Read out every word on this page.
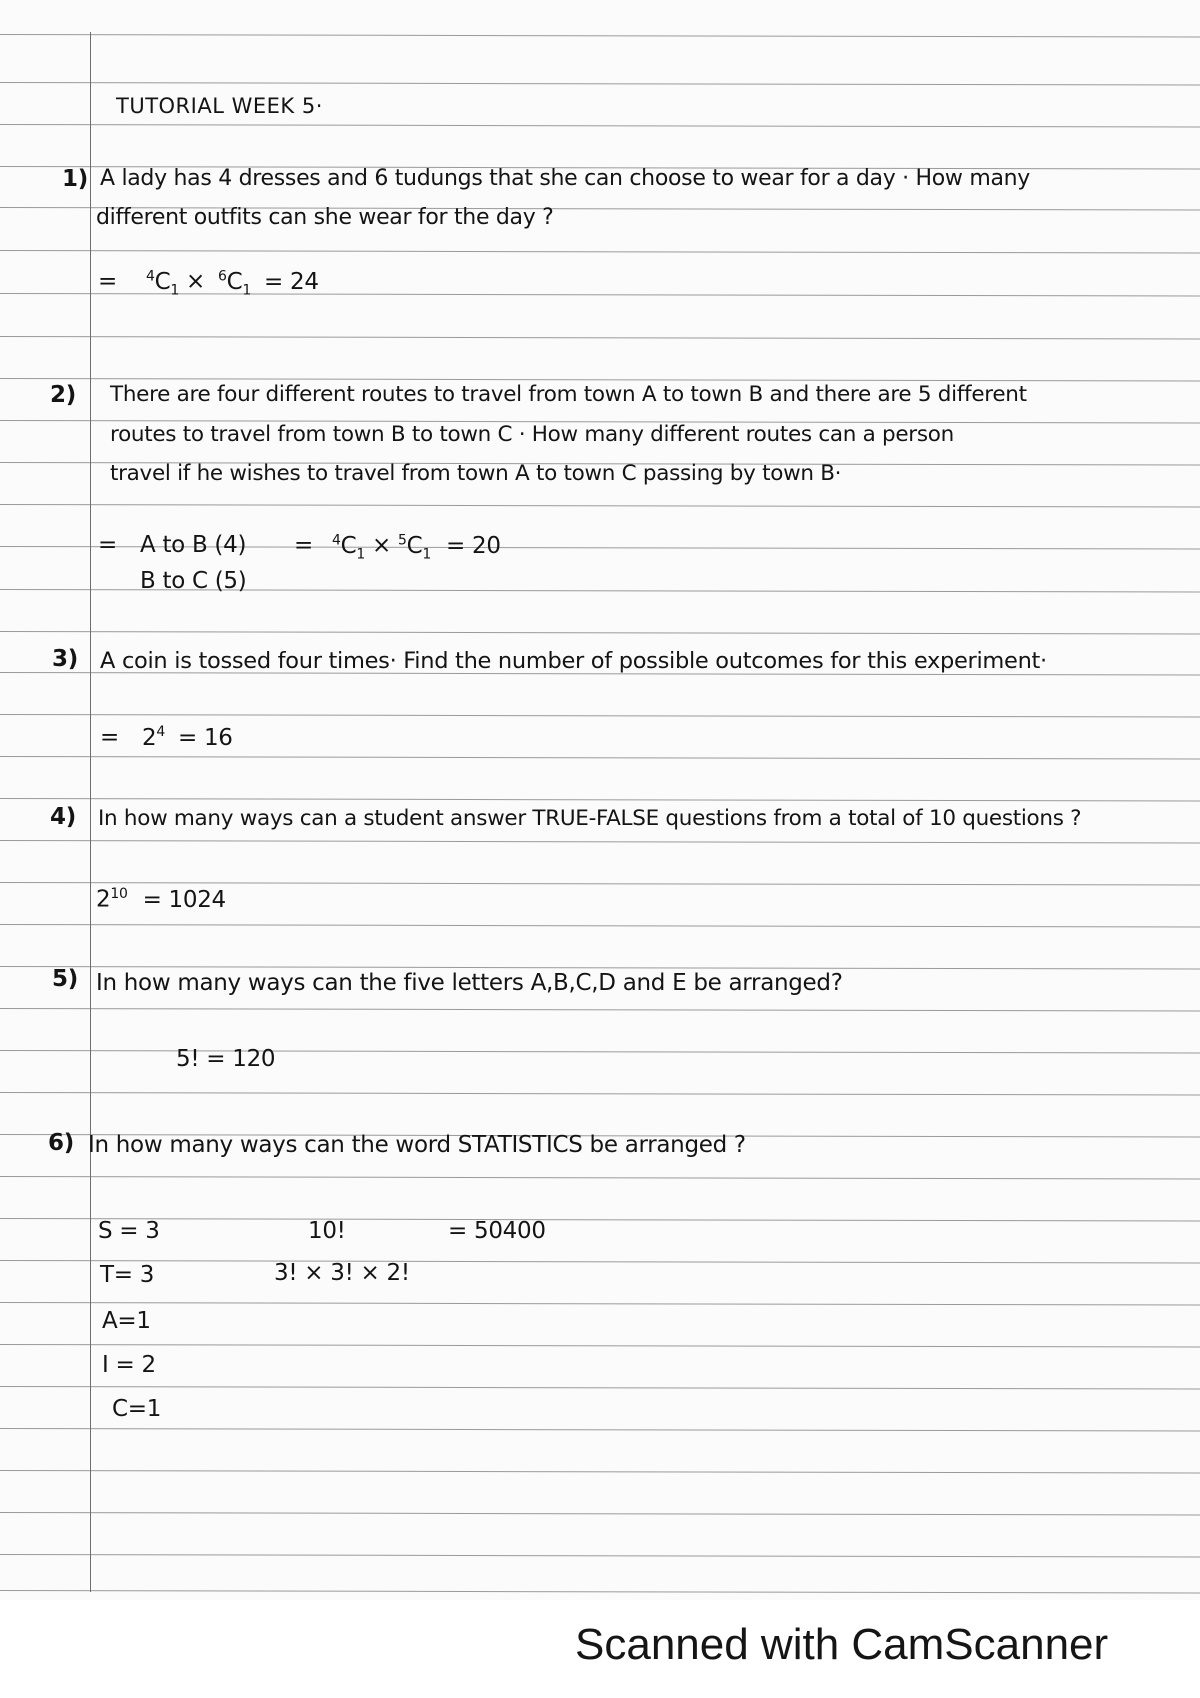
TUTORIAL WEEK 5·
1) A lady has 4 dresses and 6 tudungs that she can choose to wear for a day · How many
different outfits can she wear for the day ?
= $^4C_1 \times ^6C_1 = 24$
2) There are four different routes to travel from town A to town B and there are 5 different
routes to travel from town B to town C · How many different routes can a person
travel if he wishes to travel from town A to town C passing by town B·
= A to B (4)
B to C (5)
= $^4C_1 \times ^5C_1 = 20$
3) A coin is tossed four times· Find the number of possible outcomes for this experiment·
= $2^4 = 16$
4) In how many ways can a student answer TRUE-FALSE questions from a total of 10 questions ?
$2^{10} = 1024$
5) In how many ways can the five letters A,B,C,D and E be arranged?
5! = 120
6) In how many ways can the word STATISTICS be arranged ?
S = 3
T= 3
A=1
I = 2
C=1
10!
3! × 3! × 2!
= 50400
Scanned with CamScanner
